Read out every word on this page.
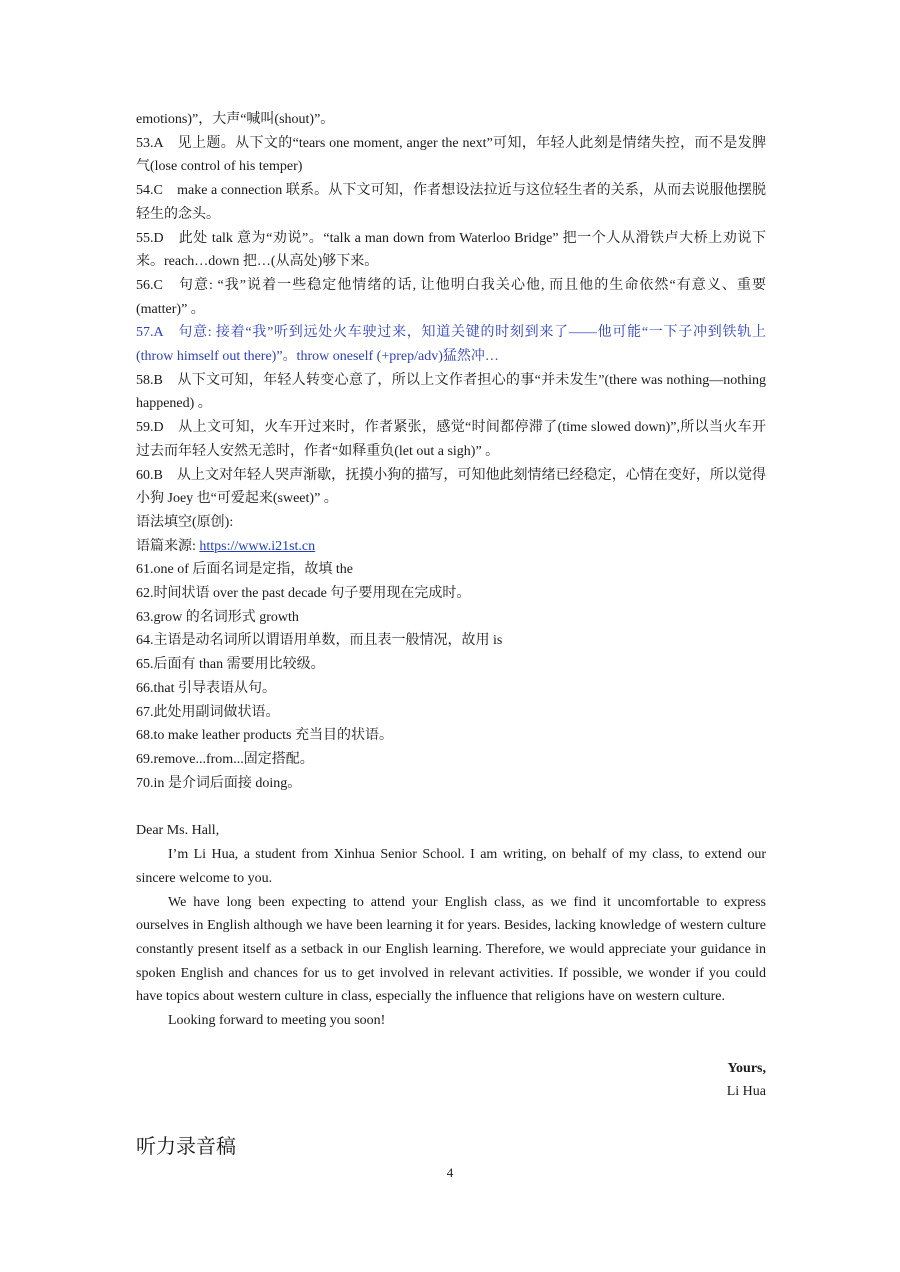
emotions)”，大声“喊叫(shout)”。

53.A　见上题。从下文的“tears one moment, anger the next”可知，年轻人此刻是情绪失控，而不是发脾气(lose control of his temper)

54.C　make a connection 联系。从下文可知，作者想设法拉近与这位轻生者的关系，从而去说服他摆脱轻生的念头。

55.D　此处 talk 意为“劝说”。“talk a man down from Waterloo Bridge” 把一个人从滑铁卢大桥上劝说下来。reach…down 把…(从高处)够下来。

56.C　句意: “我”说着一些稳定他情绪的话, 让他明白我关心他, 而且他的生命依然“有意义、重要(matter)” 。

57.A　句意: 接着“我”听到远处火车驶过来，知道关键的时刻到来了——他可能“一下子冲到铁轨上(throw himself out there)”。throw oneself (+prep/adv)猛然冲…

58.B　从下文可知，年轻人转变心意了，所以上文作者担心的事“并未发生”(there was nothing—nothing happened) 。

59.D　从上文可知，火车开过来时，作者紧张，感觉“时间都停滞了(time slowed down)”,所以当火车开过去而年轻人安然无恙时，作者“如释重负(let out a sigh)” 。

60.B　从上文对年轻人哭声渐歇，抚摸小狗的描写，可知他此刻情绪已经稳定，心情在变好，所以觉得小狗 Joey 也“可爱起来(sweet)” 。

语法填空(原创):

语篇来源: https://www.i21st.cn

61.one of 后面名词是定指，故填 the

62.时间状语 over the past decade 句子要用现在完成时。

63.grow 的名词形式 growth

64.主语是动名词所以谓语用单数，而且表一般情况，故用 is

65.后面有 than 需要用比较级。

66.that 引导表语从句。

67.此处用副词做状语。

68.to make leather products 充当目的状语。

69.remove...from...固定搭配。

70.in 是介词后面接 doing。

Dear Ms. Hall,

I’m Li Hua, a student from Xinhua Senior School. I am writing, on behalf of my class, to extend our sincere welcome to you.

We have long been expecting to attend your English class, as we find it uncomfortable to express ourselves in English although we have been learning it for years. Besides, lacking knowledge of western culture constantly present itself as a setback in our English learning. Therefore, we would appreciate your guidance in spoken English and chances for us to get involved in relevant activities. If possible, we wonder if you could have topics about western culture in class, especially the influence that religions have on western culture.

Looking forward to meeting you soon!

Yours,

Li Hua

听力录音稿
4
